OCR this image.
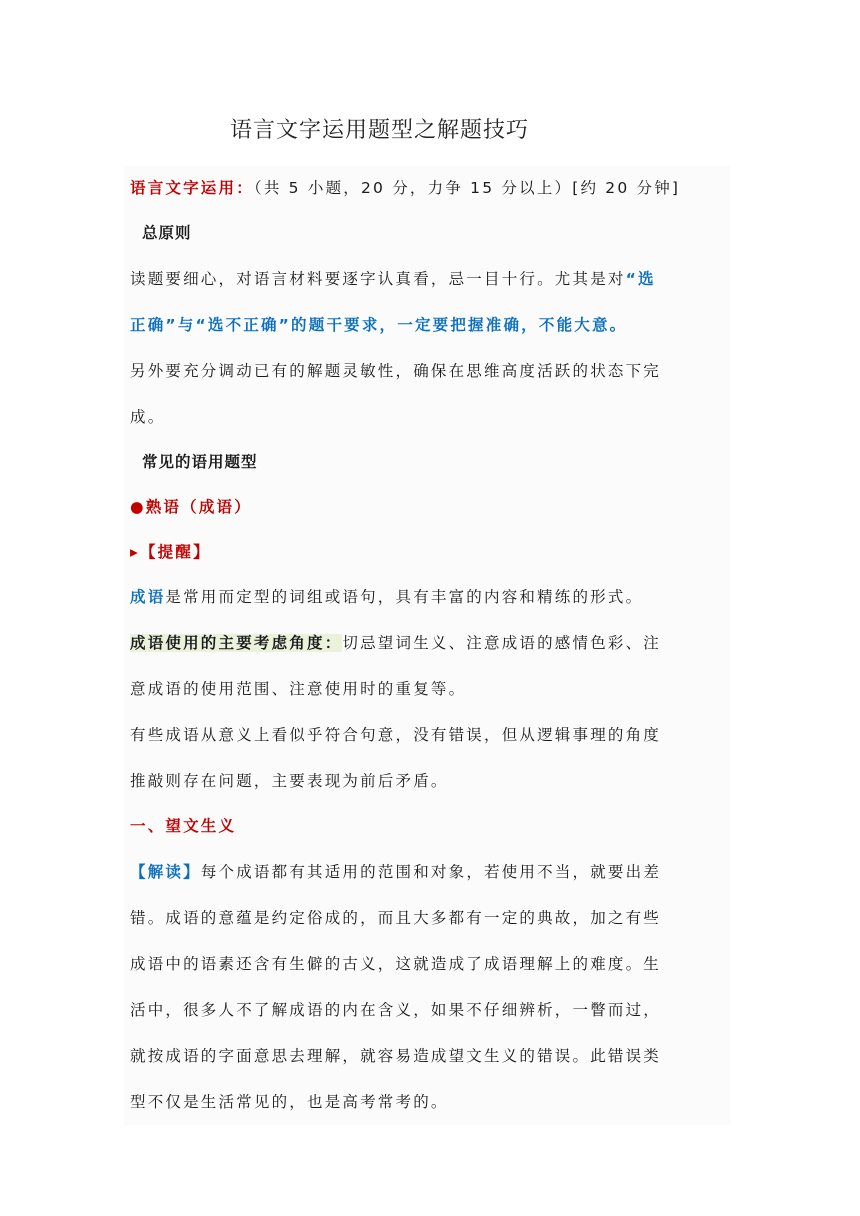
语言文字运用题型之解题技巧
语言文字运用：（共 5 小题，20 分，力争 15 分以上）[约 20 分钟]
总原则
读题要细心，对语言材料要逐字认真看，忌一目十行。尤其是对“选
正确”与“选不正确”的题干要求，一定要把握准确，不能大意。
另外要充分调动已有的解题灵敏性，确保在思维高度活跃的状态下完
成。
常见的语用题型
●熟语（成语）
▸【提醒】
成语是常用而定型的词组或语句，具有丰富的内容和精练的形式。
成语使用的主要考虑角度：切忌望词生义、注意成语的感情色彩、注
意成语的使用范围、注意使用时的重复等。
有些成语从意义上看似乎符合句意，没有错误，但从逻辑事理的角度
推敲则存在问题，主要表现为前后矛盾。
一、望文生义
【解读】每个成语都有其适用的范围和对象，若使用不当，就要出差
错。成语的意蕴是约定俗成的，而且大多都有一定的典故，加之有些
成语中的语素还含有生僻的古义，这就造成了成语理解上的难度。生
活中，很多人不了解成语的内在含义，如果不仔细辨析，一瞥而过，
就按成语的字面意思去理解，就容易造成望文生义的错误。此错误类
型不仅是生活常见的，也是高考常考的。
